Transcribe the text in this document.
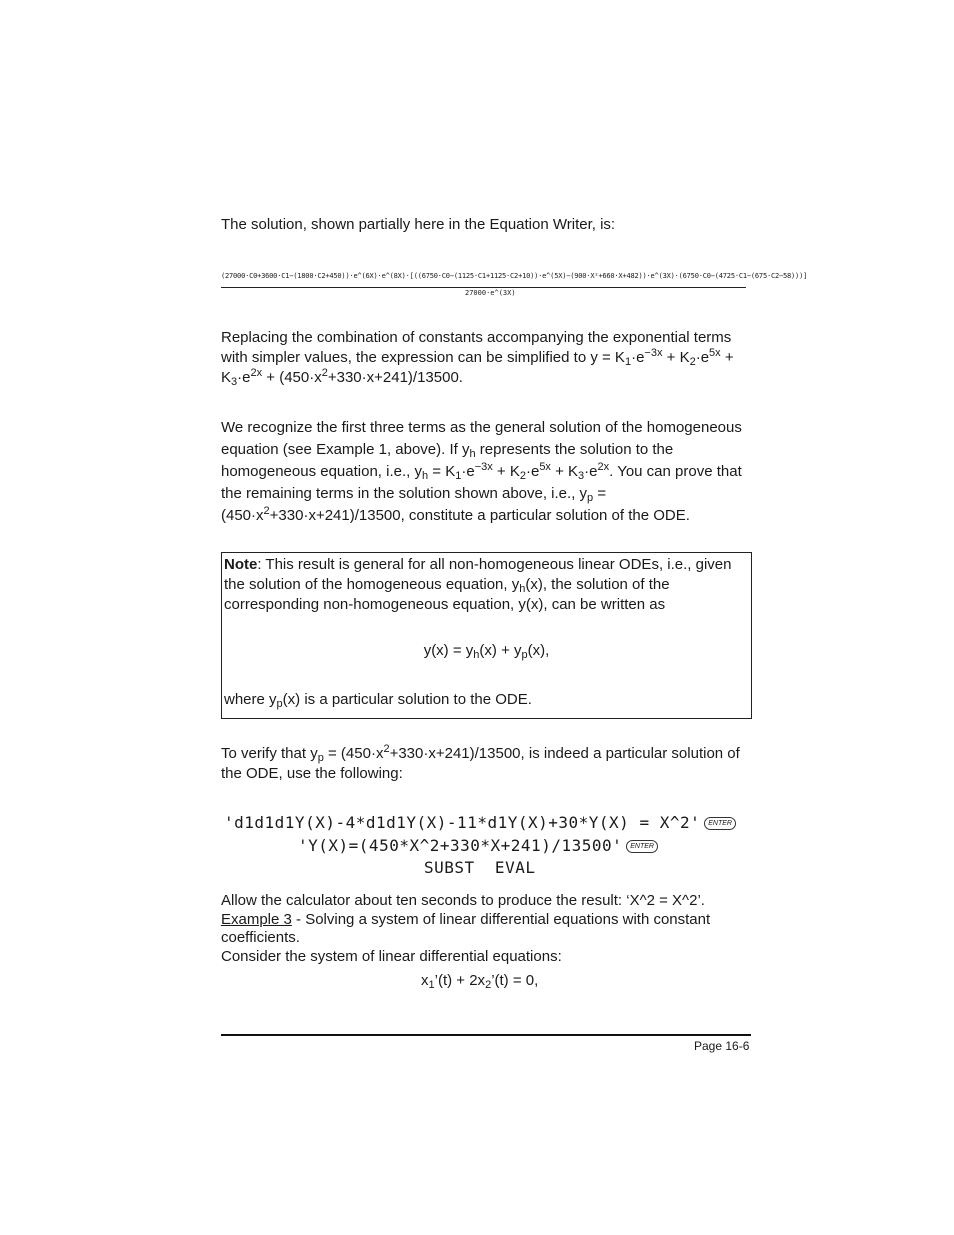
The solution, shown partially here in the Equation Writer, is:
(27000·C0+3600·C1−(1800·C2+450))·e^(6X)·e^(8X)·[((6750·C0−(1125·C1+1125·C2+10))·e^(5X)−(900·X²+660·X+482))·e^(3X)·(6750·C0−(4725·C1−(675·C2−58)))]
27000·e^(3X)
Replacing the combination of constants accompanying the exponential terms with simpler values, the expression can be simplified to $y = K_1\cdot e^{-3x} + K_2\cdot e^{5x} + K_3\cdot e^{2x} + (450\cdot x^2+330\cdot x+241)/13500$.
We recognize the first three terms as the general solution of the homogeneous equation (see Example 1, above). If $y_h$ represents the solution to the homogeneous equation, i.e., $y_h = K_1\cdot e^{-3x} + K_2\cdot e^{5x} + K_3\cdot e^{2x}$. You can prove that the remaining terms in the solution shown above, i.e., $y_p = (450\cdot x^2+330\cdot x+241)/13500$, constitute a particular solution of the ODE.
Note: This result is general for all non-homogeneous linear ODEs, i.e., given the solution of the homogeneous equation, $y_h(x)$, the solution of the corresponding non-homogeneous equation, y(x), can be written as
$y(x) = y_h(x) + y_p(x)$,
where $y_p(x)$ is a particular solution to the ODE.
To verify that $y_p = (450\cdot x^2+330\cdot x+241)/13500$, is indeed a particular solution of the ODE, use the following:
'd1d1d1Y(X)-4*d1d1Y(X)-11*d1Y(X)+30*Y(X) = X^2' ENTER
'Y(X)=(450*X^2+330*X+241)/13500' ENTER
SUBST  EVAL
Allow the calculator about ten seconds to produce the result: ‘X^2 = X^2’.
Example 3 - Solving a system of linear differential equations with constant coefficients.
Consider the system of linear differential equations:
$x_1’(t)$ + $2x_2’(t) = 0$,
Page 16-6
